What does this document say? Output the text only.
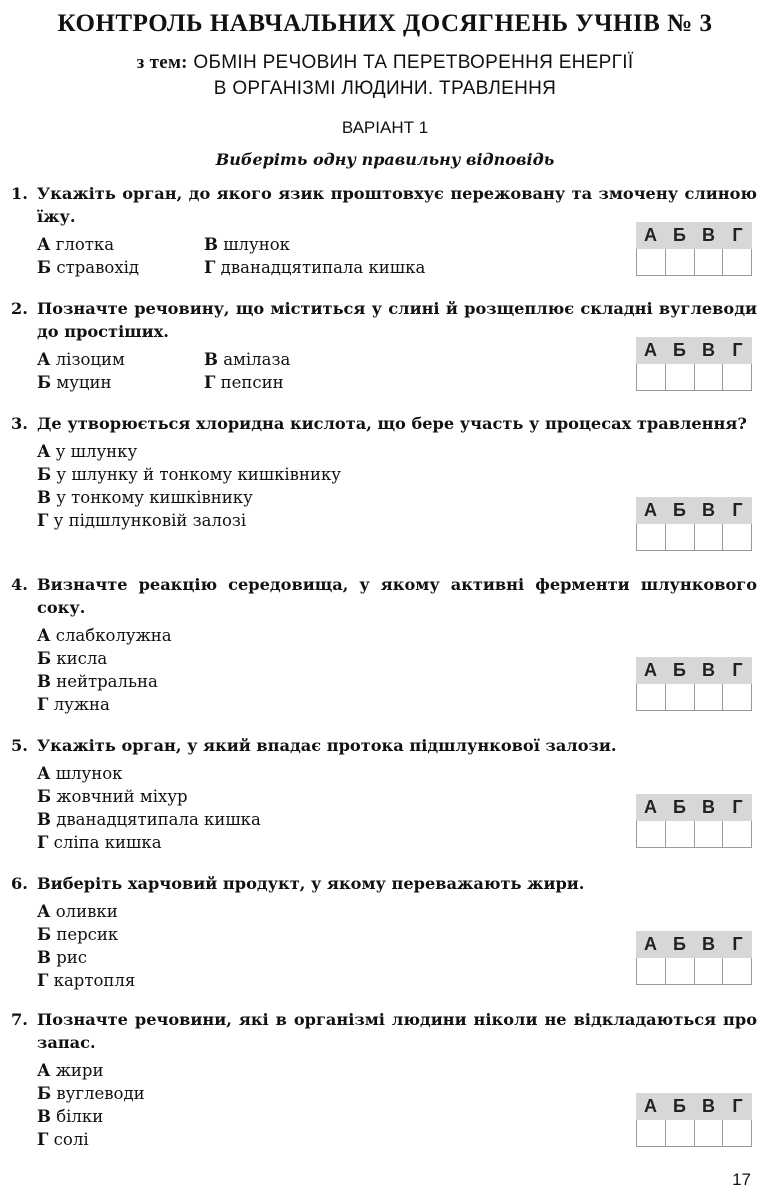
КОНТРОЛЬ НАВЧАЛЬНИХ ДОСЯГНЕНЬ УЧНІВ № 3
з тем: ОБМІН РЕЧОВИН ТА ПЕРЕТВОРЕННЯ ЕНЕРГІЇ
В ОРГАНІЗМІ ЛЮДИНИ. ТРАВЛЕННЯ
ВАРІАНТ 1
Виберіть одну правильну відповідь
1. Укажіть орган, до якого язик проштовхує пережовану та змочену слиною їжу.
А глотка	В шлунок
Б стравохід	Г дванадцятипала кишка
А Б В Г
2. Позначте речовину, що міститься у слині й розщеплює складні вуглеводи до простіших.
А лізоцим	В амілаза
Б муцин	Г пепсин
А Б В Г
3. Де утворюється хлоридна кислота, що бере участь у процесах травлення?
А у шлунку
Б у шлунку й тонкому кишківнику
В у тонкому кишківнику
Г у підшлунковій залозі
А Б В Г
4. Визначте реакцію середовища, у якому активні ферменти шлункового соку.
А слабколужна
Б кисла
В нейтральна
Г лужна
А Б В Г
5. Укажіть орган, у який впадає протока підшлункової залози.
А шлунок
Б жовчний міхур
В дванадцятипала кишка
Г сліпа кишка
А Б В Г
6. Виберіть харчовий продукт, у якому переважають жири.
А оливки
Б персик
В рис
Г картопля
А Б В Г
7. Позначте речовини, які в організмі людини ніколи не відкладаються про запас.
А жири
Б вуглеводи
В білки
Г солі
А Б В Г
17
